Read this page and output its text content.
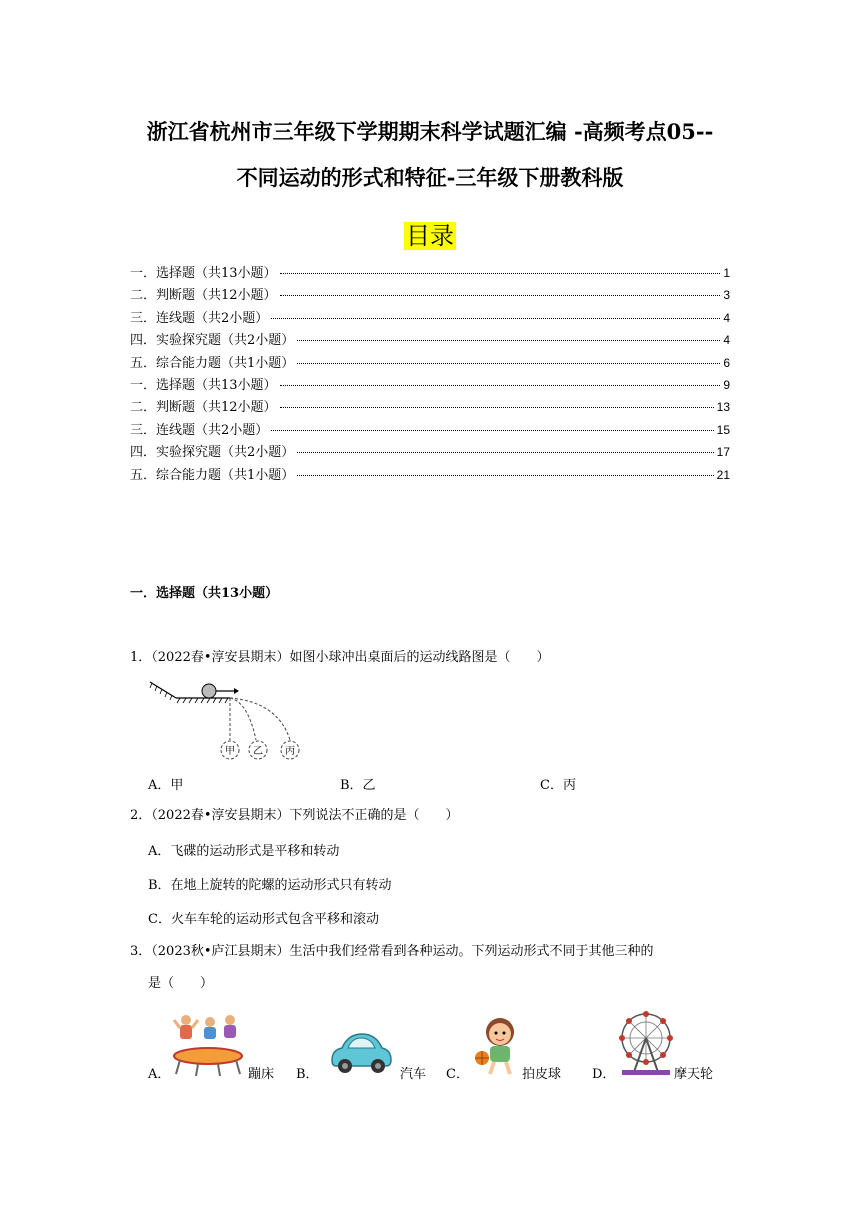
浙江省杭州市三年级下学期期末科学试题汇编 -高频考点05--
不同运动的形式和特征-三年级下册教科版
目录
一．选择题（共13小题）	1
二．判断题（共12小题）	3
三．连线题（共2小题）	4
四．实验探究题（共2小题）	4
五．综合能力题（共1小题）	6
一．选择题（共13小题）	9
二．判断题（共12小题）	13
三．连线题（共2小题）	15
四．实验探究题（共2小题）	17
五．综合能力题（共1小题）	21
一．选择题（共13小题）
1．（2022春•淳安县期末）如图小球冲出桌面后的运动线路图是（　　）
甲 乙 丙
A．甲	B．乙	C．丙
2．（2022春•淳安县期末）下列说法不正确的是（　　）
A．飞碟的运动形式是平移和转动
B．在地上旋转的陀螺的运动形式只有转动
C．火车车轮的运动形式包含平移和滚动
3．（2023秋•庐江县期末）生活中我们经常看到各种运动。下列运动形式不同于其他三种的
是（　　）
A．	蹦床 B．	汽车 C．	拍皮球 D．	摩天轮
